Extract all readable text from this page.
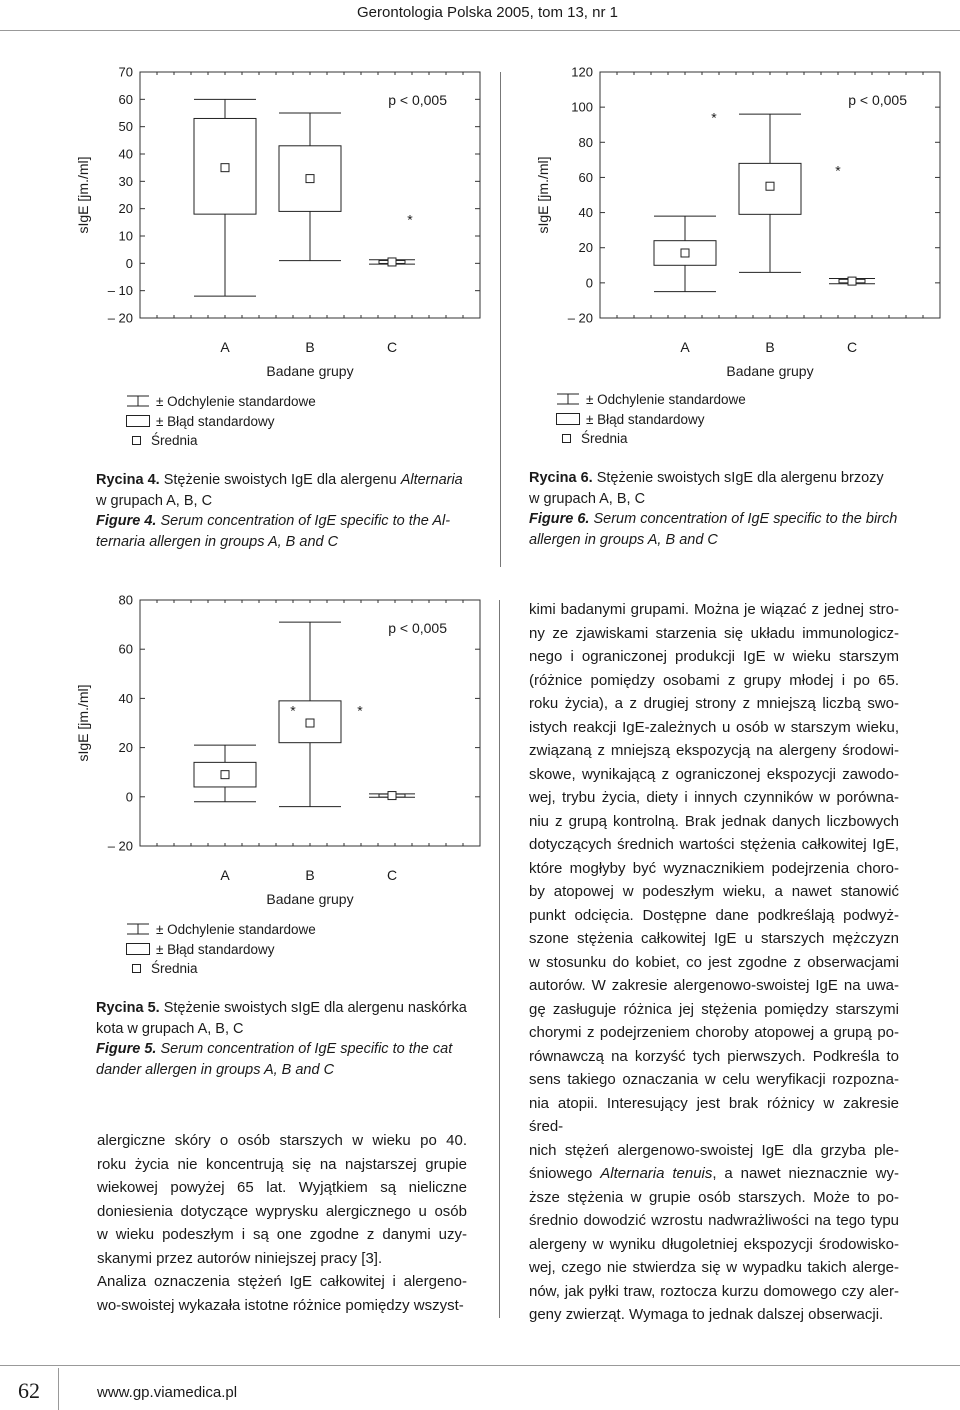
Gerontologia Polska 2005, tom 13, nr 1
70
60
50
40
30
20
10
0
– 10
– 20
sIgE [jm./ml]
p < 0,005
A	B
*
C
Badane grupy
± Odchylenie standardowe
± Błąd standardowy
Średnia

Rycina 4. Stężenie swoistych IgE dla alergenu Alternaria

w grupach A, B, C

Figure 4. Serum concentration of IgE specific to the Al-

ternaria allergen in groups A, B and C

120
100
80
60
40
20
0
– 20
sIgE [jm./ml]
p < 0,005
*
A	B
*
C
Badane grupy
± Odchylenie standardowe
± Błąd standardowy
Średnia

Rycina 6. Stężenie swoistych sIgE dla alergenu brzozy

w grupach A, B, C

Figure 6. Serum concentration of IgE specific to the birch

allergen in groups A, B and C

80
60
40
20
0
– 20
sIgE [jm./ml]
p < 0,005
A	B
*
C
*
Badane grupy
± Odchylenie standardowe
± Błąd standardowy
Średnia

Rycina 5. Stężenie swoistych sIgE dla alergenu naskórka

kota w grupach A, B, C

Figure 5. Serum concentration of IgE specific to the cat

dander allergen in groups A, B and C

alergiczne skóry o osób starszych w wieku po 40.

roku życia nie koncentrują się na najstarszej grupie

wiekowej powyżej 65 lat. Wyjątkiem są nieliczne

doniesienia dotyczące wyprysku alergicznego u osób

w wieku podeszłym i są one zgodne z danymi uzy-

skanymi przez autorów niniejszej pracy [3].

Analiza oznaczenia stężeń IgE całkowitej i alergeno-

wo-swoistej wykazała istotne różnice pomiędzy wszyst-

kimi badanymi grupami. Można je wiązać z jednej stro-

ny ze zjawiskami starzenia się układu immunologicz-

nego i ograniczonej produkcji IgE w wieku starszym

(różnice pomiędzy osobami z grupy młodej i po 65.

roku życia), a z drugiej strony z mniejszą liczbą swo-

istych reakcji IgE-zależnych u osób w starszym wieku,

związaną z mniejszą ekspozycją na alergeny środowi-

skowe, wynikającą z ograniczonej ekspozycji zawodo-

wej, trybu życia, diety i innych czynników w porówna-

niu z grupą kontrolną. Brak jednak danych liczbowych

dotyczących średnich wartości stężenia całkowitej IgE,

które mogłyby być wyznacznikiem podejrzenia choro-

by atopowej w podeszłym wieku, a nawet stanowić

punkt odcięcia. Dostępne dane podkreślają podwyż-

szone stężenia całkowitej IgE u starszych mężczyzn

w stosunku do kobiet, co jest zgodne z obserwacjami

autorów. W zakresie alergenowo-swoistej IgE na uwa-

gę zasługuje różnica jej stężenia pomiędzy starszymi

chorymi z podejrzeniem choroby atopowej a grupą po-

równawczą na korzyść tych pierwszych. Podkreśla to

sens takiego oznaczania w celu weryfikacji rozpozna-

nia atopii. Interesujący jest brak różnicy w zakresie śred-

nich stężeń alergenowo-swoistej IgE dla grzyba ple-

śniowego Alternaria tenuis, a nawet nieznacznie wy-

ższe stężenia w grupie osób starszych. Może to po-

średnio dowodzić wzrostu nadwrażliwości na tego typu

alergeny w wyniku długoletniej ekspozycji środowisko-

wej, czego nie stwierdza się w wypadku takich alerge-

nów, jak pyłki traw, roztocza kurzu domowego czy aler-

geny zwierząt. Wymaga to jednak dalszej obserwacji.

62	www.gp.viamedica.pl
